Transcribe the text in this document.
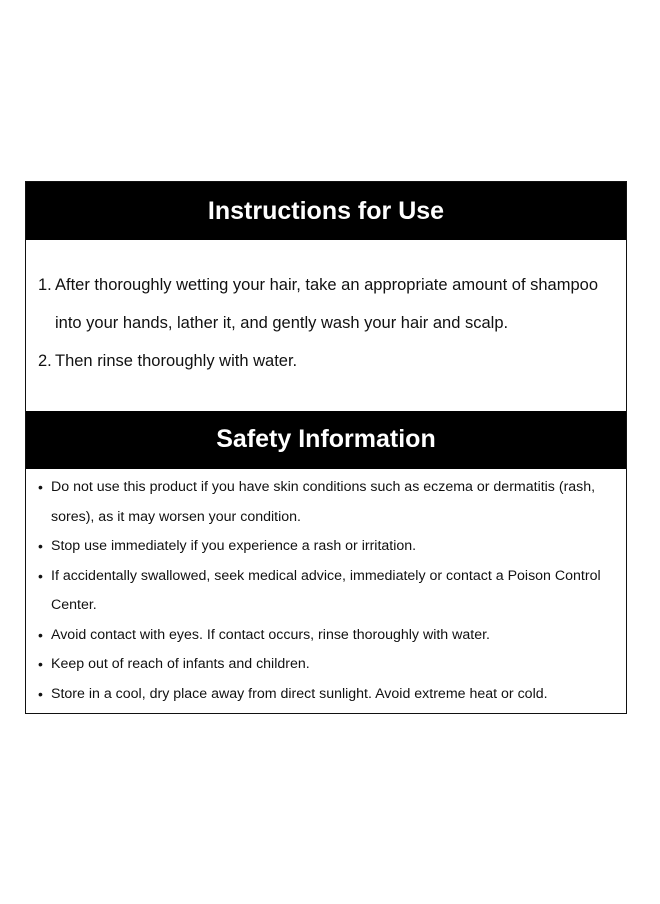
Instructions for Use
1. After thoroughly wetting your hair, take an appropriate amount of shampoo into your hands, lather it, and gently wash your hair and scalp.
2. Then rinse thoroughly with water.
Safety Information
• Do not use this product if you have skin conditions such as eczema or dermatitis (rash, sores), as it may worsen your condition.
• Stop use immediately if you experience a rash or irritation.
• If accidentally swallowed, seek medical advice, immediately or contact a Poison Control Center.
• Avoid contact with eyes. If contact occurs, rinse thoroughly with water.
• Keep out of reach of infants and children.
• Store in a cool, dry place away from direct sunlight. Avoid extreme heat or cold.
